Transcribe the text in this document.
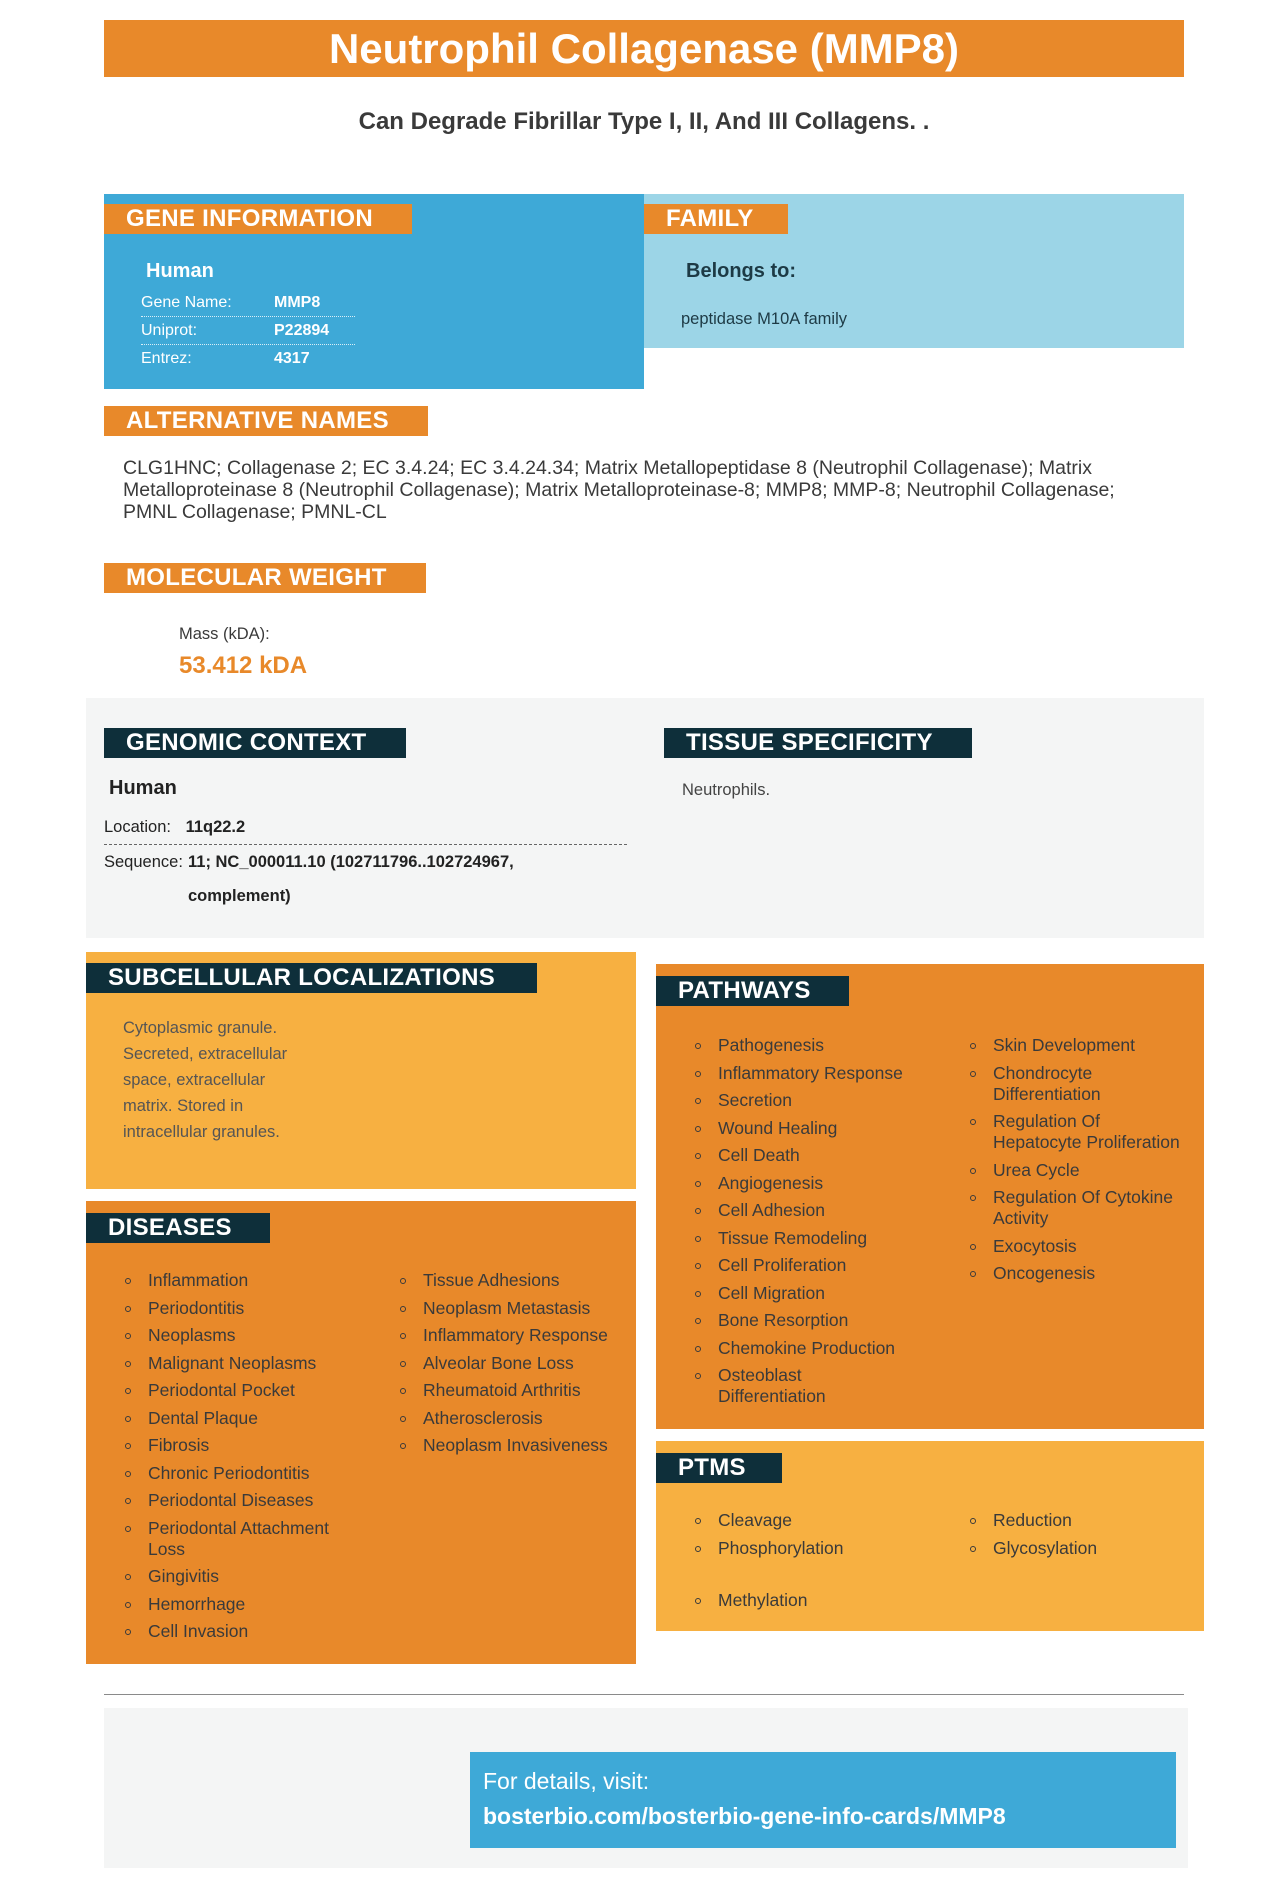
Neutrophil Collagenase (MMP8)
Can Degrade Fibrillar Type I, II, And III Collagens. .
GENE INFORMATION
Human
Gene Name:	MMP8
Uniprot:	P22894
Entrez:	4317
FAMILY
Belongs to:
peptidase M10A family
ALTERNATIVE NAMES
CLG1HNC; Collagenase 2; EC 3.4.24; EC 3.4.24.34; Matrix Metallopeptidase 8 (Neutrophil Collagenase); Matrix Metalloproteinase 8 (Neutrophil Collagenase); Matrix Metalloproteinase-8; MMP8; MMP-8; Neutrophil Collagenase; PMNL Collagenase; PMNL-CL
MOLECULAR WEIGHT
Mass (kDA):
53.412 kDA
GENOMIC CONTEXT
Human
Location: 11q22.2
Sequence: 11; NC_000011.10 (102711796..102724967,
complement)
TISSUE SPECIFICITY
Neutrophils.
SUBCELLULAR LOCALIZATIONS
Cytoplasmic granule.
Secreted, extracellular
space, extracellular
matrix. Stored in
intracellular granules.
DISEASES
Inflammation
Periodontitis
Neoplasms
Malignant Neoplasms
Periodontal Pocket
Dental Plaque
Fibrosis
Chronic Periodontitis
Periodontal Diseases
Periodontal Attachment Loss
Gingivitis
Hemorrhage
Cell Invasion
Tissue Adhesions
Neoplasm Metastasis
Inflammatory Response
Alveolar Bone Loss
Rheumatoid Arthritis
Atherosclerosis
Neoplasm Invasiveness
PATHWAYS
Pathogenesis
Inflammatory Response
Secretion
Wound Healing
Cell Death
Angiogenesis
Cell Adhesion
Tissue Remodeling
Cell Proliferation
Cell Migration
Bone Resorption
Chemokine Production
Osteoblast Differentiation
Skin Development
Chondrocyte Differentiation
Regulation Of Hepatocyte Proliferation
Urea Cycle
Regulation Of Cytokine Activity
Exocytosis
Oncogenesis
PTMS
Cleavage
Phosphorylation
Reduction
Glycosylation
Methylation
For details, visit:
bosterbio.com/bosterbio-gene-info-cards/MMP8
